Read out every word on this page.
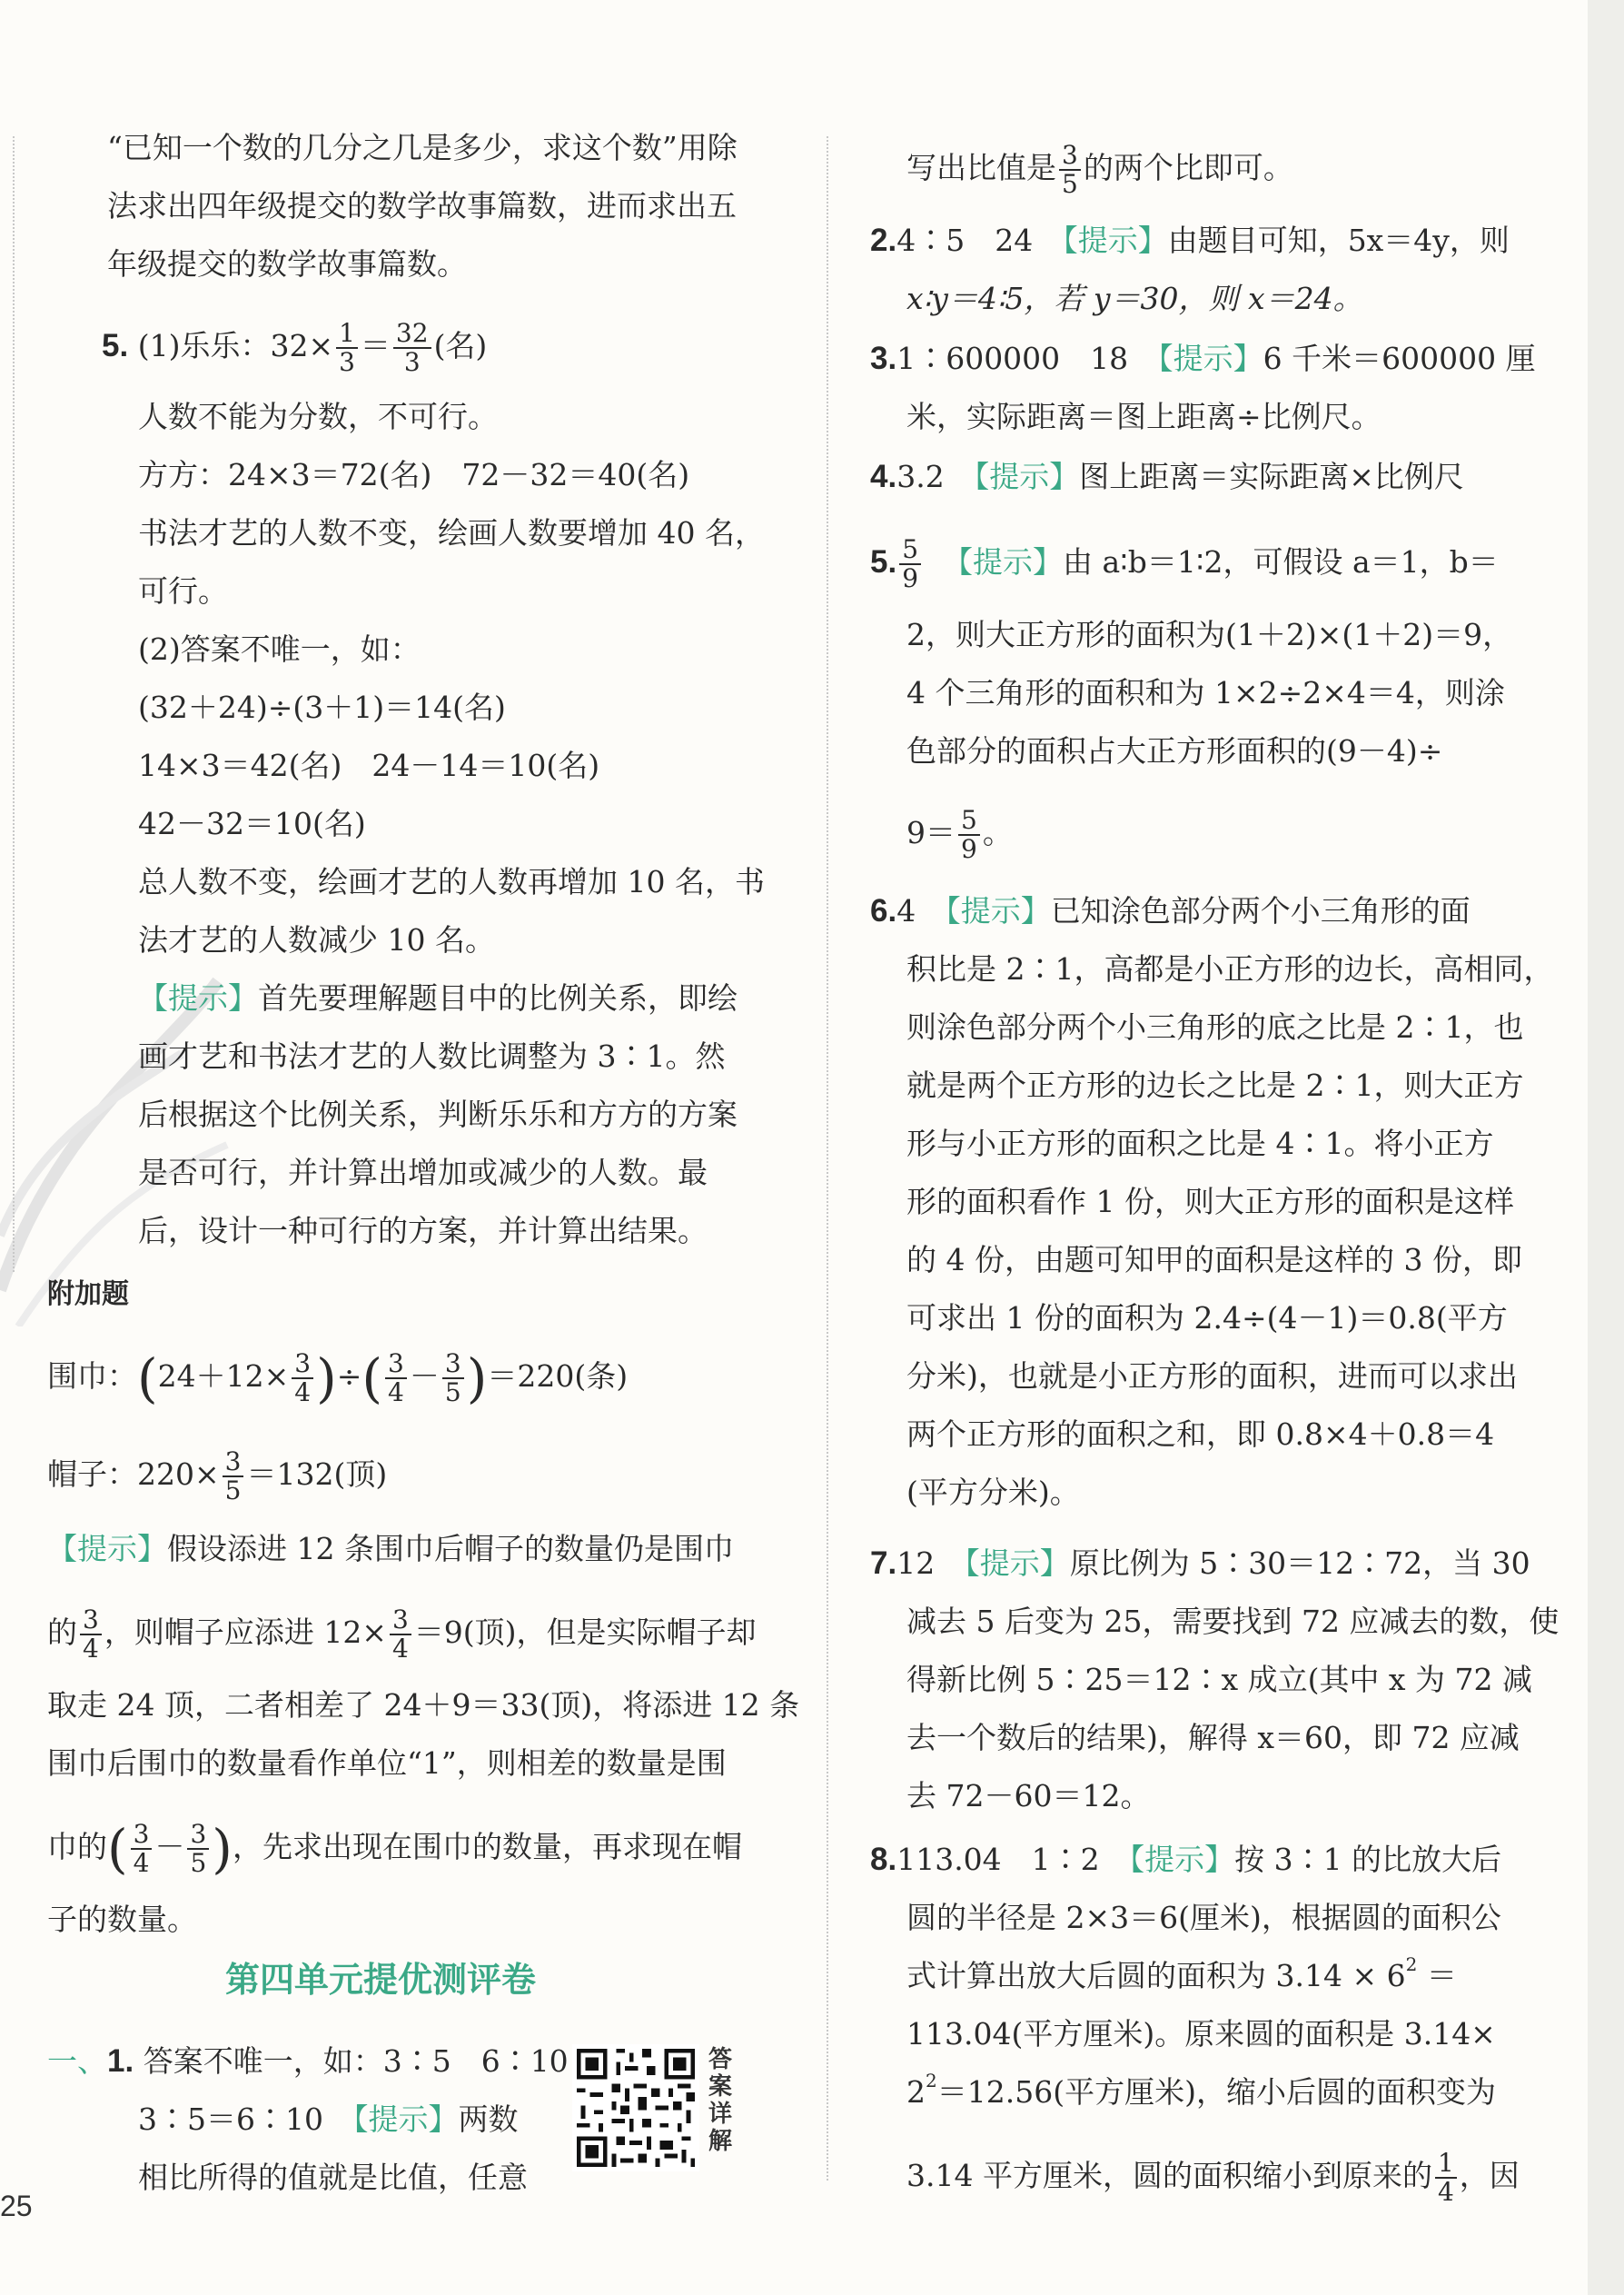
“已知一个数的几分之几是多少，求这个数”用除
法求出四年级提交的数学故事篇数，进而求出五
年级提交的数学故事篇数。
5. (1)乐乐：$32\times \frac{1}{3} = \frac{32}{3}$ (名)
人数不能为分数，不可行。
方方：24×3＝72(名)　72－32＝40(名)
书法才艺的人数不变，绘画人数要增加 40 名，
可行。
(2)答案不唯一，如：
(32＋24)÷(3＋1)＝14(名)
14×3＝42(名)　24－14＝10(名)
42－32＝10(名)
总人数不变，绘画才艺的人数再增加 10 名，书
法才艺的人数减少 10 名。
【提示】首先要理解题目中的比例关系，即绘
画才艺和书法才艺的人数比调整为 3∶1。然
后根据这个比例关系，判断乐乐和方方的方案
是否可行，并计算出增加或减少的人数。最
后，设计一种可行的方案，并计算出结果。
附加题
围巾：($24+12\times \frac{3}{4}$ )÷( $\frac{3}{4} - \frac{3}{5} )=220$(条)
帽子：$220\times \frac{3}{5} =132$(顶)
【提示】假设添进 12 条围巾后帽子的数量仍是围巾
的 $\frac{3}{4}$ ，则帽子应添进 $12\times \frac{3}{4} =9$(顶)，但是实际帽子却
取走 24 顶，二者相差了 24＋9＝33(顶)，将添进 12 条
围巾后围巾的数量看作单位“1”，则相差的数量是围
巾的( $\frac{3}{4} - \frac{3}{5}$ )，先求出现在围巾的数量，再求现在帽
子的数量。
第四单元提优测评卷
一、1. 答案不唯一，如：3∶5　6∶10
3∶5＝6∶10　【提示】两数
相比所得的值就是比值，任意
答
案
详
解
25
写出比值是 $\frac{3}{5}$ 的两个比即可。
2.4∶5　24　【提示】由题目可知，5x＝4y，则
x∶y＝4∶5，若 y＝30，则 x＝24。
3.1∶600000　18　【提示】6 千米＝600000 厘
米，实际距离＝图上距离÷比例尺。
4.3.2　【提示】图上距离＝实际距离×比例尺
5. $\frac{5}{9}$ 【提示】由 a∶b＝1∶2，可假设 a＝1，b＝
2，则大正方形的面积为(1＋2)×(1＋2)＝9，
4 个三角形的面积和为 1×2÷2×4＝4，则涂
色部分的面积占大正方形面积的(9－4)÷
$9= \frac{5}{9}$ 。
6.4　【提示】已知涂色部分两个小三角形的面
积比是 2∶1，高都是小正方形的边长，高相同，
则涂色部分两个小三角形的底之比是 2∶1，也
就是两个正方形的边长之比是 2∶1，则大正方
形与小正方形的面积之比是 4∶1。将小正方
形的面积看作 1 份，则大正方形的面积是这样
的 4 份，由题可知甲的面积是这样的 3 份，即
可求出 1 份的面积为 2.4÷(4－1)＝0.8(平方
分米)，也就是小正方形的面积，进而可以求出
两个正方形的面积之和，即 0.8×4＋0.8＝4
(平方分米)。
7.12　【提示】原比例为 5∶30＝12∶72，当 30
减去 5 后变为 25，需要找到 72 应减去的数，使
得新比例 5∶25＝12∶x 成立(其中 x 为 72 减
去一个数后的结果)，解得 x＝60，即 72 应减
去 72－60＝12。
8.113.04　1∶2　【提示】按 3∶1 的比放大后
圆的半径是 2×3＝6(厘米)，根据圆的面积公
式计算出放大后圆的面积为 $3.14 \times 6^2$ ＝
113.04(平方厘米)。原来圆的面积是 3.14×
$2^2=12.56$(平方厘米)，缩小后圆的面积变为
3.14 平方厘米，圆的面积缩小到原来的 $\frac{1}{4}$ ，因
